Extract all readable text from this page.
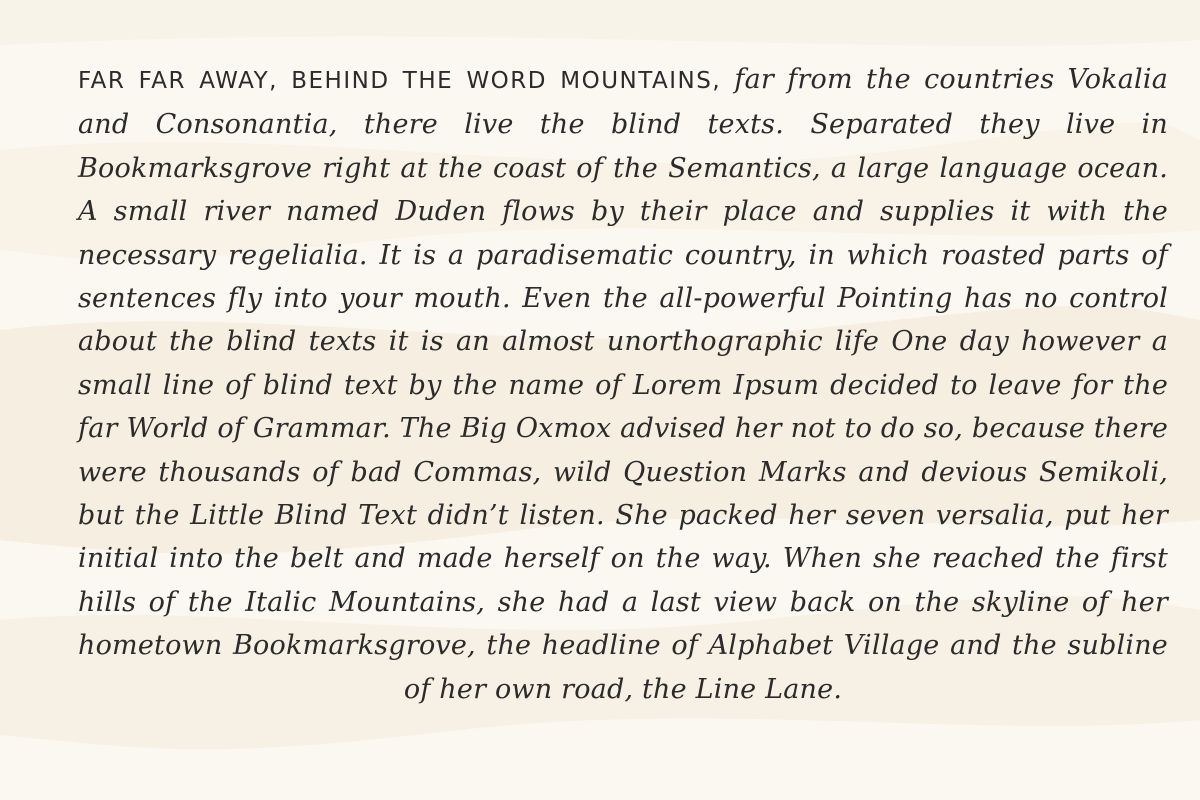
FAR FAR AWAY, BEHIND THE WORD MOUNTAINS, far from the countries Vokalia and Consonantia, there live the blind texts. Separated they live in Bookmarksgrove right at the coast of the Semantics, a large language ocean. A small river named Duden flows by their place and supplies it with the necessary regelialia. It is a paradisematic country, in which roasted parts of sentences fly into your mouth. Even the all-powerful Pointing has no control about the blind texts it is an almost unorthographic life One day however a small line of blind text by the name of Lorem Ipsum decided to leave for the far World of Grammar. The Big Oxmox advised her not to do so, because there were thousands of bad Commas, wild Question Marks and devious Semikoli, but the Little Blind Text didn’t listen. She packed her seven versalia, put her initial into the belt and made herself on the way. When she reached the first hills of the Italic Mountains, she had a last view back on the skyline of her hometown Bookmarksgrove, the headline of Alphabet Village and the subline of her own road, the Line Lane.
